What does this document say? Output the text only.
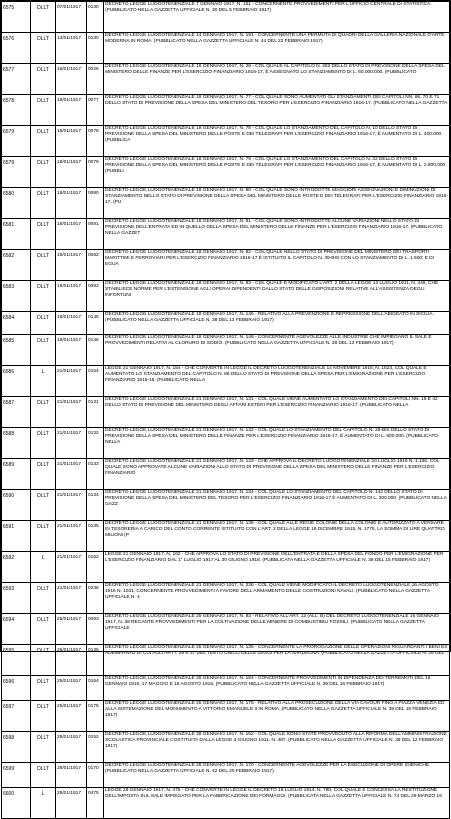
6575	DLLT	07/01/1917	0130	DECRETO LEGGE LUOGOTENENZIALE 7 GENNAIO 1917, N. 151 - CONCERNENTE PROVVEDIMENTI PER L'UFFICIO CENTRALE DI STATISTICA. (PUBBLICATO NELLA GAZZETTA UFFICIALE N. 30 DEL 5 FEBBRAIO 1917)
6576	DLLT	14/01/1917	0130	DECRETO LEGGE LUOGOTENENZIALE 14 GENNAIO 1917, N. 191 - CONCERNENTE UNA PERMUTA DI QUADRI DELLA GALLERIA NAZIONALE D'ARTE MODERNA IN ROMA. (PUBBLICATO NELLA GAZZETTA UFFICIALE N. 44 DEL 22 FEBBRAIO 1917)
6577	DLLT	16/01/1917	0026	DECRETO LEGGE LUOGOTENENZIALE 16 GENNAIO 1917, N. 26 - COL QUALE AL CAPITOLO N. 282 DELLO STATO DI PREVISIONE DELLA SPESA DEL MINISTERO DELLE FINANZE PER L'ESERCIZIO FINANZIARIO 1916-17, È ASSEGNATO LO STANZIAMENTO DI L. 60.000.000. (PUBBLICATO
6578	DLLT	18/01/1917	0077	DECRETO LEGGE LUOGOTENENZIALE 18 GENNAIO 1917, N. 77 - COL QUALE SONO AUMENTATI GLI STANZIAMENTI DEI CAPITOLI NN. 66, 70 E 71 DELLO STATO DI PREVISIONE DELLA SPESA DEL MINISTERO DEL TESORO PER L'ESERCIZIO FINANZIARIO 1916-17. (PUBBLICATO NELLA GAZZETTA
6579	DLLT	18/01/1917	0078	DECRETO LEGGE LUOGOTENENZIALE 18 GENNAIO 1917, N. 78 - COL QUALE LO STANZIAMENTO DEL CAPITOLO N. 10 DELLO STATO DI PREVISIONE DELLA SPESA DEL MINISTERO DELLE POSTE E DEI TELEGRAFI PER L'ESERCIZIO FINANZIARIO 1916-17, È AUMENTATO DI L. 400.000. (PUBBLICA
6579	DLLT	18/01/1917	0079	DECRETO LEGGE LUOGOTENENZIALE 18 GENNAIO 1917, N. 79 - COL QUALE LO STANZIAMENTO DEL CAPITOLO N. 32 DELLO STATO DI PREVISIONE DELLA SPESA DEL MINISTERO DELLE POSTE E DEI TELEGRAFI PER L'ESERCIZIO FINANZIARIO 1916-17, È AUMENTATO DI L. 2.800.000. (PUBBLI
6580	DLLT	18/01/1917	0080	DECRETO LEGGE LUOGOTENENZIALE 18 GENNAIO 1917, N. 80 - COL QUALE SONO INTRODOTTE MAGGIORI ASSEGNAZIONI E DIMINUZIONI DI STANZIAMENTO NELLO STATO DI PREVISIONE DELLA SPESA DEL MINISTERO DELLE POSTE E DEI TELEGRAFI PER L'ESERCIZIO FINANZIARIO 1916-17. (PU
6581	DLLT	18/01/1917	0081	DECRETO LEGGE LUOGOTENENZIALE 18 GENNAIO 1917, N. 81 - COL QUALE SONO INTRODOTTE ALCUNE VARIAZIONI NELLO STATO DI PREVISIONE DELL'ENTRATA ED IN QUELLO DELLA SPESA DEL MINISTERO DELLE FINANZE PER L'ESERCIZIO FINANZIARIO 1916-17. (PUBBLICATO NELLA GAZZET
6582	DLLT	18/01/1917	0082	DECRETO LEGGE LUOGOTENENZIALE 18 GENNAIO 1917, N. 82 - COL QUALE NELLO STATO DI PREVISIONE DEL MINISTERO DEI TRASPORTI MARITTIMI E FERROVIARI PER L'ESERCIZIO FINANZIARIO 1916-17 È ISTITUITO IL CAPITOLO N. 39-BIS CON LO STANZIAMENTO DI L. 1.500; E DI EGUA
6583	DLLT	18/01/1917	0083	DECRETO LEGGE LUOGOTENENZIALE 18 GENNAIO 1917, N. 83 - COL QUALE È MODIFICATO L'ART. 2 DELLA LEGGE 13 LUGLIO 1911, N. 446, CHE STABILISCE NORME PER L'ESTENSIONE AGLI OPERAI DIPENDENTI DALLO STATO DELLE DISPOSIZIONI RELATIVE ALL'ASSISTENZA DEGLI INFORTUNI
6584	DLLT	18/01/1917	0145	DECRETO LEGGE LUOGOTENENZIALE 18 GENNAIO 1917, N. 145 - RELATIVO ALLA PREVENZIONE E REPRESSIONE DELL'ABIGEATO IN SICILIA. (PUBBLICATO NELLA GAZZETTA UFFICIALE N. 38 DEL 13 FEBBRAIO 1917)
6585	DLLT	18/01/1917	0146	DECRETO LEGGE LUOGOTENENZIALE 18 GENNAIO 1917, N. 146 - CONCERNENTE AGEVOLEZZE ALLE INDUSTRIE CHE IMPIEGANO IL SALE E PROVVEDIMENTI RELATIVI AL CLORURO DI SODIO. (PUBBLICATO NELLA GAZZETTA UFFICIALE N. 38 DEL 13 FEBBRAIO 1917)
6586	L	21/01/1917	0154	LEGGE 21 GENNAIO 1917, N. 154 - CHE CONVERTE IN LEGGE IL DECRETO LUOGOTENENZIALE 14 NOVEMBRE 1915, N. 1623, COL QUALE È AUMENTATO LO STANZIAMENTO DEL CAPITOLO N. 86 DELLO STATO DI PREVISIONE DELLA SPESA PER L'EMIGRAZIONE PER L'ESERCIZIO FINANZIARIO 1915-16. (PUBBLICATO NELLA
6587	DLLT	21/01/1917	0131	DECRETO LEGGE LUOGOTENENZIALE 21 GENNAIO 1917, N. 131 - COL QUALE VIENE AUMENTATO LO STANZIAMENTO DEI CAPITOLI NN. 16 E 42 DELLO STATO DI PREVISIONE DEL MINISTERO DEGLI AFFARI ESTERI PER L'ESERCIZIO FINANZIARIO 1916-17. (PUBBLICATO NELLA
6588	DLLT	21/01/1917	0132	DECRETO LEGGE LUOGOTENENZIALE 21 GENNAIO 1917, N. 132 - COL QUALE LO STANZIAMENTO DEL CAPITOLO N. 26-BIS DELLO STATO DI PREVISIONE DELLA SPESA DEL MINISTERO DELLE FINANZE PER L'ESERCIZIO FINANZIARIO 1916-17, È AUMENTATO DI L. 800.000. (PUBBLICATO NELLA
6589	DLLT	21/01/1917	0133	DECRETO LEGGE LUOGOTENENZIALE 21 GENNAIO 1917, N. 133 - CHE APPROVA IL DECRETO LUOGOTENENZIALE 20 LUGLIO 1916 N. 1.166, COL QUALE SONO APPROVATE ALCUNE VARIAZIONI ALLO STATO DI PREVISIONE DELLA SPESA DEL MINISTERO DELLE FINANZE PER L'ESERCIZIO FINANZIARIO
6590	DLLT	21/01/1917	0134	DECRETO LEGGE LUOGOTENENZIALE 21 GENNAIO 1917, N. 134 - COL QUALE LO STANZIAMENTO DEL CAPITOLO N. 142 DELLO STATO DI PREVISIONE DELLA SPESA DEL MINISTERO DEL TESORO PER L'ESERCIZIO FINANZIARIO 1916-17 È AUMENTATO DI L. 300.000. (PUBBLICATO NELLA GAZZ
6591	DLLT	21/01/1917	0135	DECRETO LEGGE LUOGOTENENZIALE 21 GENNAIO 1917, N. 135 - COL QUALE ALLE REGIE COLONIE DELLA COLONIE È AUTORIZZATO A VERSARE IN TESORERIA A CARICO DEL CONTO CORRENTE ISTITUITO CON L'ART. 2 DELLA LEGGE 16 DICEMBRE 1915, N. 1778, LA SOMMA DI LIRE QUATTRO MILIONI (P
6592	L	21/01/1917	0162	LEGGE 21 GENNAIO 1917, N. 162 - CHE APPROVA LO STATO DI PREVISIONE DELL'ENTRATA E DELLA SPESA DEL FONDO PER L'EMIGRAZIONE PER L'ESERCIZIO FINANZIARIO DAL 1° LUGLIO 1917 AL 30 GIUGNO 1918. (PUBBLICATA NELLA GAZZETTA UFFICIALE N. 38 DEL 15 FEBBRAIO 1917)
6593	DLLT	21/01/1917	0236	DECRETO LEGGE LUOGOTENENZIALE 21 GENNAIO 1917, N. 236 - COL QUALE VIENE MODIFICATO IL DECRETO LUOGOTENENZIALE 16 AGOSTO 1916 N. 1031, CONCERNENTE PROVVEDIMENTI A FAVORE DELL'ARMAMENTO DELLE COSTRUZIONI NAVALI. (PUBBLICATO NELLA GAZZETTA UFFICIALE N. 4
6594	DLLT	25/01/1917	0093	DECRETO LEGGE LUOGOTENENZIALE 25 GENNAIO 1917, N. 93 - RELATIVO ALL'ART. 12 (ALL. B) DEL DECRETO LUOGOTENENZIALE 16 GENNAIO 1917, N. 38 RECANTE PROVVEDIMENTI PER LA COLTIVAZIONE DELLE MINIERE DI COMBUSTIBILI FOSSILI. (PUBBLICATO NELLA GAZZETTA UFFICIALE
6595	DLLT	25/01/1917	0135	DECRETO LEGGE LUOGOTENENZIALE 25 GENNAIO 1917, N. 135 - CONCERNENTE LA PROROGAZIONE DELLE OPERAZIONI RIGUARDANTI I BENI EX ADEMPRIVILI DI CUI AGLI ARTT. 29 E 37 DEL TESTO UNICO DELLE LEGGI PER LA SARDEGNA. (PUBBLICATO NELLA GAZZETTA UFFICIALE N. 29 DEL
6596	DLLT	25/01/1917	0164	DECRETO LEGGE LUOGOTENENZIALE 25 GENNAIO 1917, N. 164 - CONCERNENTE PROVVEDIMENTI IN DIPENDENZA DEI TERREMOTI DEL 16 GENNAIO 1916, 17 MAGGIO E 16 AGOSTO 1916. (PUBBLICATO NELLA GAZZETTA UFFICIALE N. 39 DEL 16 FEBBRAIO 1917)
6597	DLLT	25/01/1917	0175	DECRETO LEGGE LUOGOTENENZIALE 25 GENNAIO 1917, N. 175 - RELATIVO ALLA PROSECUZIONE DELLA VIA CAVOUR FINO A PIAZZA VENEZIA ED ALLA SISTEMAZIONE DEL MONUMENTO A VITTORIO EMANUELE II IN ROMA. (PUBBLICATO NELLA GAZZETTA UFFICIALE N. 39 DEL 15 FEBBRAIO 1917)
6598	DLLT	28/01/1917	0152	DECRETO LEGGE LUOGOTENENZIALE 28 GENNAIO 1917, N. 152 - COL QUALE SONO STATE PROVVEDUTO ALLA RIFORMA DELL'AMMINISTRAZIONE SCOLASTICA PROVINCIALE COSTITUITA DALLA LEGGE 4 GIUGNO 1911, N. 487. (PUBBLICATO NELLA GAZZETTA UFFICIALE N. 38 DEL 12 FEBBRAIO 1917)
6599	DLLT	28/01/1917	0170	DECRETO LEGGE LUOGOTENENZIALE 28 GENNAIO 1917, N. 170 - CONCERNENTE AGEVOLEZZE PER LA ESECUZIONE DI OPERE IGIENICHE. (PUBBLICATO NELLA GAZZETTA UFFICIALE N. 42 DEL 20 FEBBRAIO 1917)
6600	L	28/01/1917	0475	LEGGE 28 GENNAIO 1917, N. 475 - CHE CONVERTE IN LEGGE IL DECRETO 19 LUGLIO 1914, N. 780, COL QUALE È CONCESSA LA RESTITUZIONE DELL'IMPOSTA SUL SALE IMPIEGATO PER LA FABBRICAZIONE DEI FORMAGGI. (PUBBLICATA NELLA GAZZETTA UFFICIALE N. 74 DEL 29 MARZO 19
